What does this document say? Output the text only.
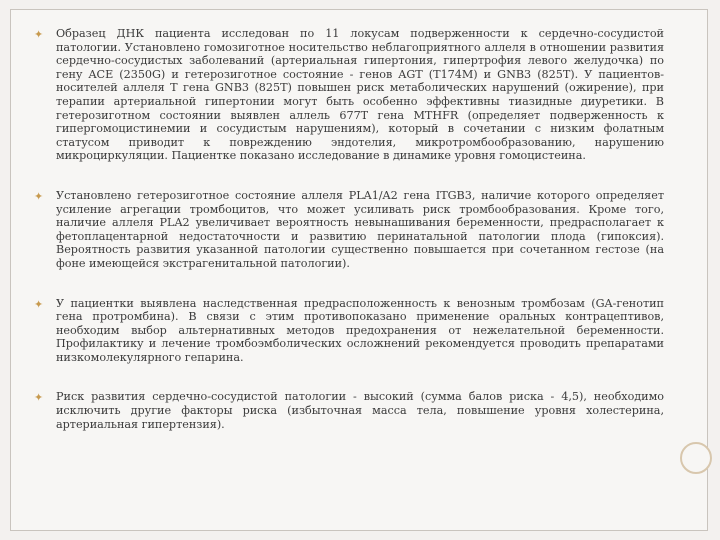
✦ Образец ДНК пациента исследован по 11 локусам подверженности к сердечно-сосудистой патологии. Установлено гомозиготное носительство неблагоприятного аллеля в отношении развития сердечно-сосудистых заболеваний (артериальная гипертония, гипертрофия левого желудочка) по гену ACE (2350G) и гетерозиготное состояние - генов AGT (T174M) и GNB3 (825T). У пациентов-носителей аллеля T гена GNB3 (825T) повышен риск метаболических нарушений (ожирение), при терапии артериальной гипертонии могут быть особенно эффективны тиазидные диуретики. В гетерозиготном состоянии выявлен аллель 677T гена MTHFR (определяет подверженность к гипергомоцистинемии и сосудистым нарушениям), который в сочетании с низким фолатным статусом приводит к повреждению эндотелия, микротромбообразованию, нарушению микроциркуляции. Пациентке показано исследование в динамике уровня гомоцистеина.
✦ Установлено гетерозиготное состояние аллеля PLA1/A2 гена ITGB3, наличие которого определяет усиление агрегации тромбоцитов, что может усиливать риск тромбообразования. Кроме того, наличие аллеля PLA2 увеличивает вероятность невынашивания беременности, предрасполагает к фетоплацентарной недостаточности и развитию перинатальной патологии плода (гипоксия). Вероятность развития указанной патологии существенно повышается при сочетанном гестозе (на фоне имеющейся экстрагенитальной патологии).
✦ У пациентки выявлена наследственная предрасположенность к венозным тромбозам (GA-генотип гена протромбина). В связи с этим противопоказано применение оральных контрацептивов, необходим выбор альтернативных методов предохранения от нежелательной беременности. Профилактику и лечение тромбоэмболических осложнений рекомендуется проводить препаратами низкомолекулярного гепарина.
✦ Риск развития сердечно-сосудистой патологии - высокий (сумма балов риска - 4,5), необходимо исключить другие факторы риска (избыточная масса тела, повышение уровня холестерина, артериальная гипертензия).
